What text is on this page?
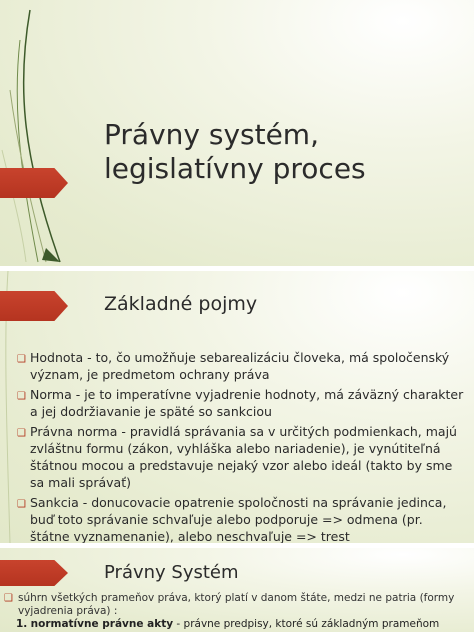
Právny systém,
legislatívny proces
Základné pojmy
❑ Hodnota - to, čo umožňuje sebarealizáciu človeka, má spoločenský význam, je predmetom ochrany práva
❑ Norma - je to imperatívne vyjadrenie hodnoty, má záväzný charakter a jej dodržiavanie je späté so sankciou
❑ Právna norma - pravidlá správania sa v určitých podmienkach, majú zvláštnu formu (zákon, vyhláška alebo nariadenie), je vynútiteľná štátnou mocou a predstavuje nejaký vzor alebo ideál (takto by sme sa mali správať)
❑ Sankcia - donucovacie opatrenie spoločnosti na správanie jedinca, buď toto správanie schvaľuje alebo podporuje => odmena (pr. štátne vyznamenanie), alebo neschvaľuje => trest
Právny Systém
❑ súhrn všetkých prameňov práva, ktorý platí v danom štáte, medzi ne patria (formy vyjadrenia práva) :
1. normatívne právne akty - právne predpisy, ktoré sú základným prameňom
